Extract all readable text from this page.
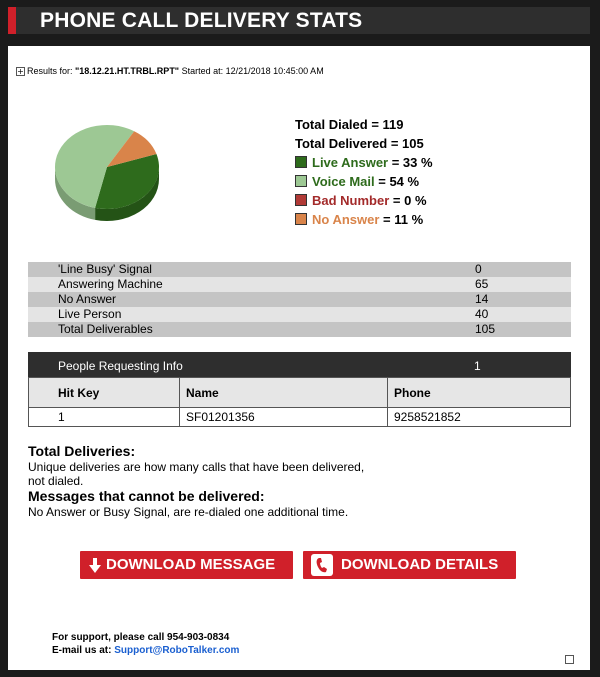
PHONE CALL DELIVERY STATS
+ Results for: "18.12.21.HT.TRBL.RPT" Started at: 12/21/2018 10:45:00 AM
Total Dialed = 119
Total Delivered = 105
Live Answer = 33 %
Voice Mail = 54 %
Bad Number = 0 %
No Answer = 11 %
'Line Busy' Signal	0
Answering Machine	65
No Answer	14
Live Person	40
Total Deliverables	105
People Requesting Info	1
Hit Key	Name	Phone
1	SF01201356	9258521852
Total Deliveries:
Unique deliveries are how many calls that have been delivered,
not dialed.
Messages that cannot be delivered:
No Answer or Busy Signal, are re-dialed one additional time.
DOWNLOAD MESSAGE	DOWNLOAD DETAILS
For support, please call 954-903-0834
E-mail us at: Support@RoboTalker.com
